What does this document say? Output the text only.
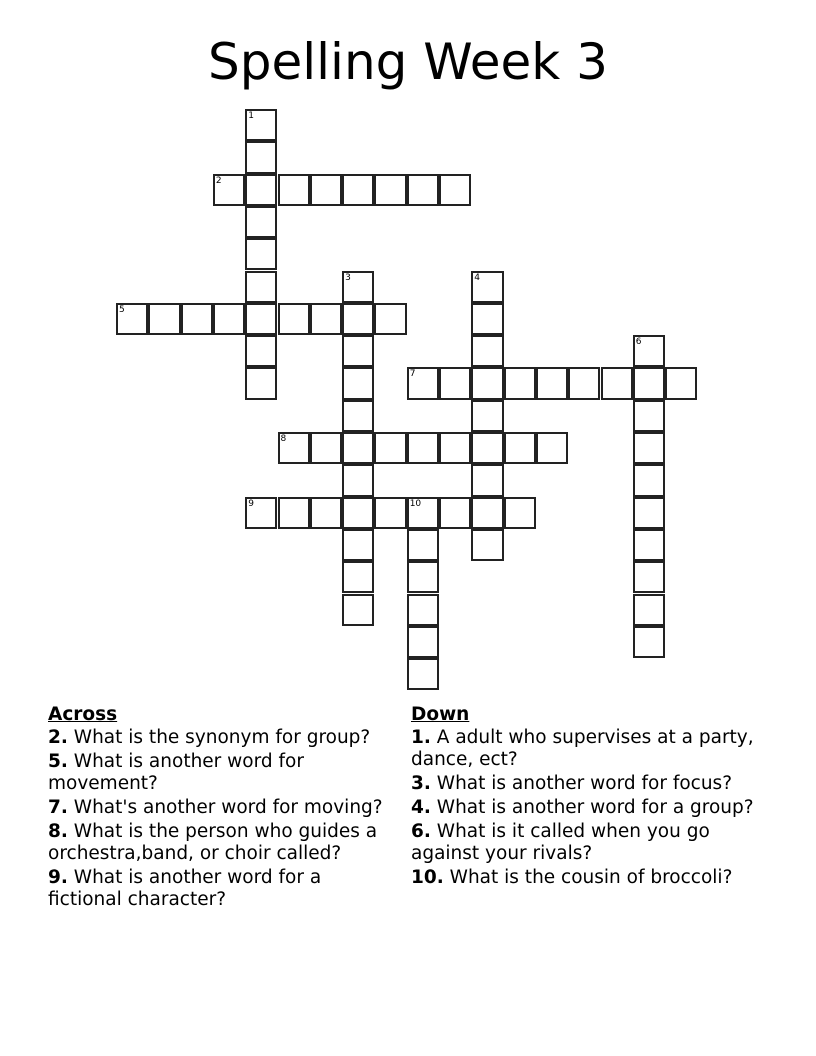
Spelling Week 3
1
2
3	4
5
6
7
8
9	10
Across
2. What is the synonym for group?
5. What is another word for movement?
7. What's another word for moving?
8. What is the person who guides a orchestra,band, or choir called?
9. What is another word for a fictional character?
Down
1. A adult who supervises at a party, dance, ect?
3. What is another word for focus?
4. What is another word for a group?
6. What is it called when you go against your rivals?
10. What is the cousin of broccoli?
